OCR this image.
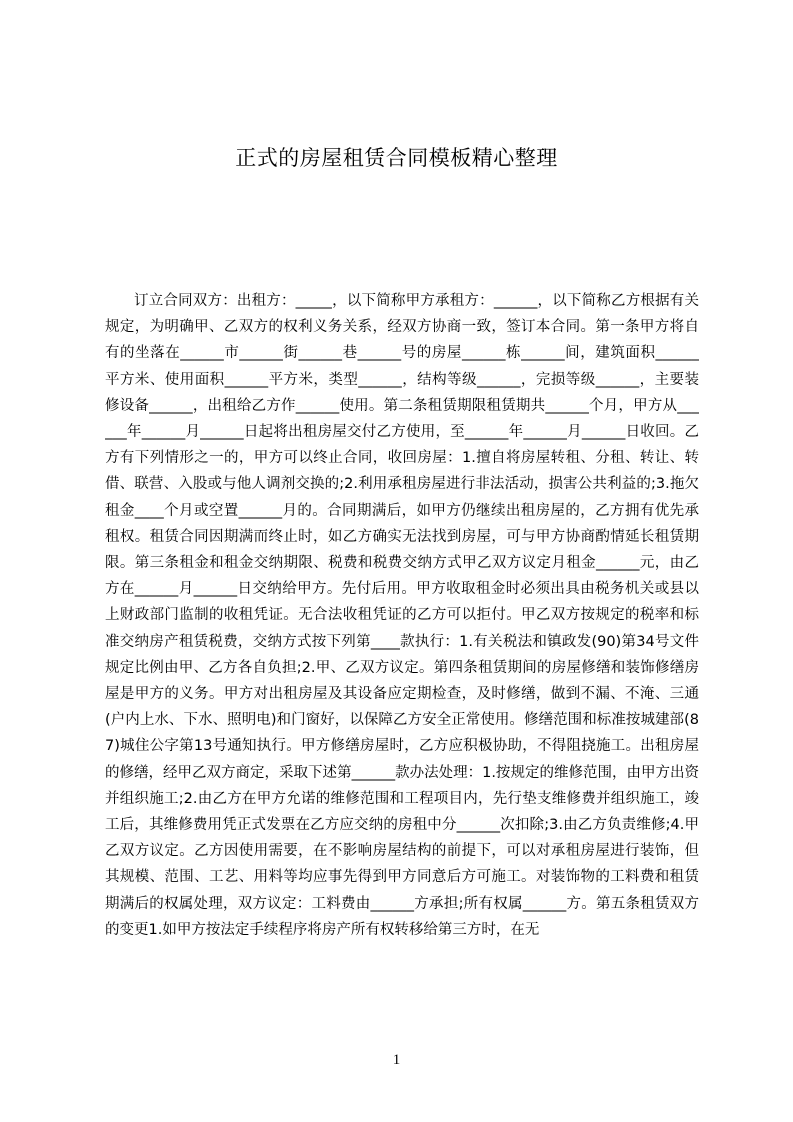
正式的房屋租赁合同模板精心整理

订立合同双方：出租方：_____，以下简称甲方承租方：______，以下简称乙方根据有关规定，为明确甲、乙双方的权利义务关系，经双方协商一致，签订本合同。第一条甲方将自有的坐落在______市______街______巷______号的房屋______栋______间，建筑面积______平方米、使用面积______平方米，类型______，结构等级______，完损等级______，主要装修设备______，出租给乙方作______使用。第二条租赁期限租赁期共______个月，甲方从______年______月______日起将出租房屋交付乙方使用，至______年______月______日收回。乙方有下列情形之一的，甲方可以终止合同，收回房屋：1.擅自将房屋转租、分租、转让、转借、联营、入股或与他人调剂交换的;2.利用承租房屋进行非法活动，损害公共利益的;3.拖欠租金____个月或空置______月的。合同期满后，如甲方仍继续出租房屋的，乙方拥有优先承租权。租赁合同因期满而终止时，如乙方确实无法找到房屋，可与甲方协商酌情延长租赁期限。第三条租金和租金交纳期限、税费和税费交纳方式甲乙双方议定月租金______元，由乙方在______月______日交纳给甲方。先付后用。甲方收取租金时必须出具由税务机关或县以上财政部门监制的收租凭证。无合法收租凭证的乙方可以拒付。甲乙双方按规定的税率和标准交纳房产租赁税费，交纳方式按下列第____款执行：1.有关税法和镇政发(90)第34号文件规定比例由甲、乙方各自负担;2.甲、乙双方议定。第四条租赁期间的房屋修缮和装饰修缮房屋是甲方的义务。甲方对出租房屋及其设备应定期检查，及时修缮，做到不漏、不淹、三通(户内上水、下水、照明电)和门窗好，以保障乙方安全正常使用。修缮范围和标准按城建部(87)城住公字第13号通知执行。甲方修缮房屋时，乙方应积极协助，不得阻挠施工。出租房屋的修缮，经甲乙双方商定，采取下述第______款办法处理：1.按规定的维修范围，由甲方出资并组织施工;2.由乙方在甲方允诺的维修范围和工程项目内，先行垫支维修费并组织施工，竣工后，其维修费用凭正式发票在乙方应交纳的房租中分______次扣除;3.由乙方负责维修;4.甲乙双方议定。乙方因使用需要，在不影响房屋结构的前提下，可以对承租房屋进行装饰，但其规模、范围、工艺、用料等均应事先得到甲方同意后方可施工。对装饰物的工料费和租赁期满后的权属处理，双方议定：工料费由______方承担;所有权属______方。第五条租赁双方的变更1.如甲方按法定手续程序将房产所有权转移给第三方时，在无

1
